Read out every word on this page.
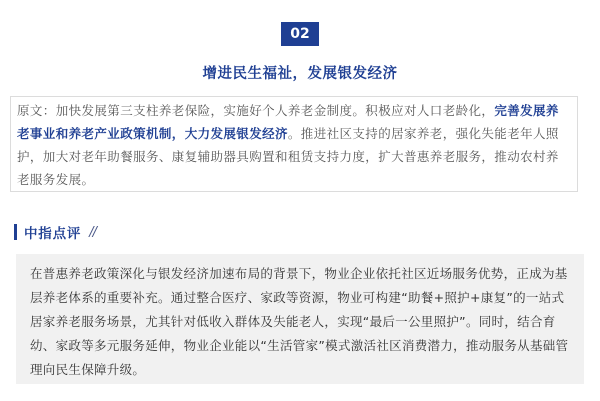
02
增进民生福祉，发展银发经济

原文：加快发展第三支柱养老保险，实施好个人养老金制度。积极应对人口老龄化，完善发展养老事业和养老产业政策机制，大力发展银发经济。推进社区支持的居家养老，强化失能老年人照护，加大对老年助餐服务、康复辅助器具购置和租赁支持力度，扩大普惠养老服务，推动农村养老服务发展。

中指点评 //

在普惠养老政策深化与银发经济加速布局的背景下，物业企业依托社区近场服务优势，正成为基层养老体系的重要补充。通过整合医疗、家政等资源，物业可构建“助餐+照护+康复”的一站式居家养老服务场景，尤其针对低收入群体及失能老人，实现“最后一公里照护”。同时，结合育幼、家政等多元服务延伸，物业企业能以“生活管家”模式激活社区消费潜力，推动服务从基础管理向民生保障升级。
